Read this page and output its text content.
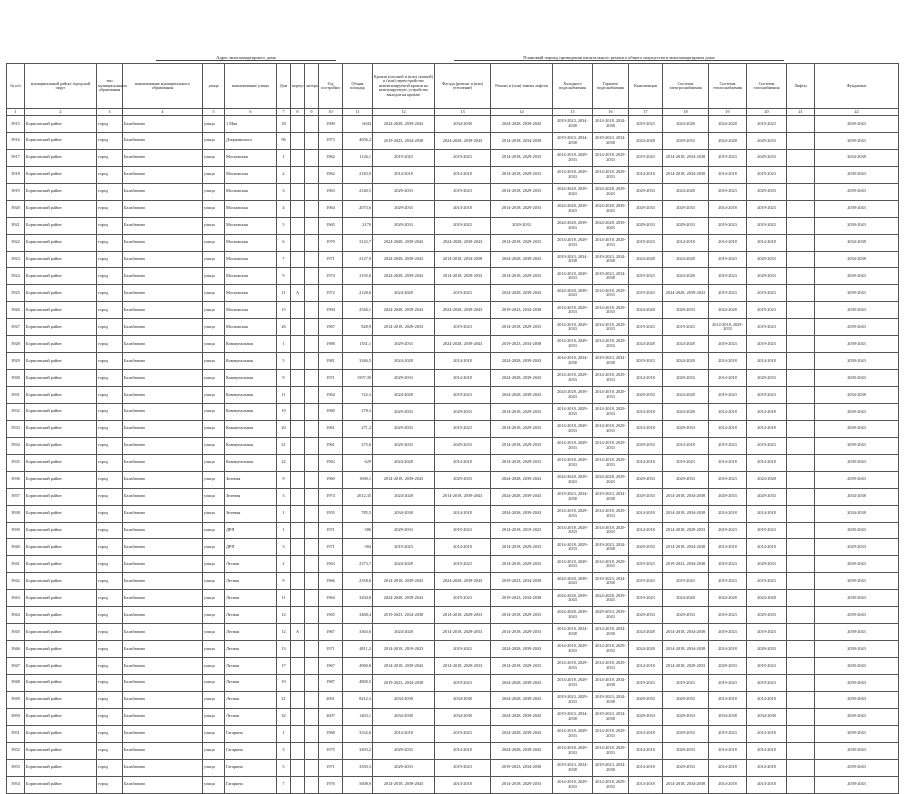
Адрес многоквартирного дома	Плановый период проведения капитального ремонта общего имущества в многоквартирном доме
№ п/п	муниципальный район/ городской округ	тип муниципального образования	наименование муниципального образования	улица	наименование улицы	Дом	корпус	литера	Год постройки	Общая площадь	Кровли (плоской и (или) скатной) и (или) переустройство невентилируемой кровли на вентилируемую, устройство выходов на кровлю	Фасада (ремонт и (или) утепление)	Ремонт и (или) замена лифтов	Холодного водоснабжения	Горячего водоснабжения	Канализации	Системы электроснабжения	Системы теплоснабжения	Системы газоснабжения	Лифты	Фундамент
1	2	3	4	5	6	7	8	9	10	11	12	13	14	15	16	17	18	19	20	21	22
3915	Борисовский район	город	Балабаново	улица	1 Мая	18			1990	6043	2024-2028, 2039-2043	2034-2038	2024-2028, 2039-2043	2019-2023, 2034-2038	2014-2018, 2034-2038	2019-2023	2024-2028	2024-2028	2019-2023		2039-2043
3916	Борисовский район	город	Балабаново	улица	Дзержинского	96			1973	4656,2	2019-2023, 2034-2038	2024-2028, 2039-2043	2014-2018, 2034-2038	2019-2023, 2034-2038	2019-2023, 2034-2038	2024-2028	2029-2033	2024-2028	2029-2033		2039-2043
3917	Борисовский район	город	Балабаново	улица	Московская	1			1962	1126,1	2019-2023	2019-2023	2014-2018, 2029-2033	2014-2018, 2029-2033	2014-2018, 2029-2033	2019-2023	2014-2018, 2034-2038	2019-2023	2029-2033		2034-2038
3918	Борисовский район	город	Балабаново	улица	Московская	2			1962	2183,9	2014-2018	2014-2018	2014-2018, 2029-2033	2014-2018, 2029-2033	2014-2018, 2029-2033	2014-2018	2014-2018, 2034-2038	2014-2018	2019-2023		2039-2043
3919	Борисовский район	город	Балабаново	улица	Московская	3			1963	2140,5	2029-2033	2019-2023	2014-2018, 2029-2033	2024-2028, 2039-2043	2024-2028, 2039-2043	2029-2033	2024-2028	2019-2023	2029-2033		2039-2043
3920	Борисовский район	город	Балабаново	улица	Московская	4			1964	2073,6	2029-2033	2014-2018	2014-2018, 2029-2033	2024-2028, 2039-2043	2024-2028, 2039-2043	2029-2033	2029-2033	2014-2018	2019-2023		2039-2043
3921	Борисовский район	город	Балабаново	улица	Московская	5			1965	2170	2029-2033	2019-2023	2029-2033	2024-2028, 2039-2043	2024-2028, 2039-2043	2029-2033	2029-2033	2019-2023	2019-2023		2039-2043
3922	Борисовский район	город	Балабаново	улица	Московская	6			1970	3122,7	2024-2028, 2039-2043	2024-2028, 2039-2043	2014-2018, 2029-2033	2014-2018, 2029-2033	2014-2018, 2029-2033	2019-2023	2014-2018	2014-2018	2014-2018		2034-2038
3923	Борисовский район	город	Балабаново	улица	Московская	7			1971	2127,9	2024-2028, 2039-2043	2014-2018, 2034-2038	2024-2028, 2039-2043	2019-2023, 2034-2038	2019-2023, 2034-2038	2024-2028	2024-2028	2019-2023	2029-2033		2034-2038
3924	Борисовский район	город	Балабаново	улица	Московская	9			1974	3195,6	2024-2028, 2039-2043	2014-2018, 2029-2033	2014-2018, 2029-2033	2014-2018, 2029-2033	2019-2023, 2034-2038	2019-2023	2024-2028	2019-2023	2029-2033		2039-2043
3925	Борисовский район	город	Балабаново	улица	Московская	11	А		1972	2128,6	2024-2028	2019-2023	2024-2028, 2039-2043	2024-2028, 2039-2043	2014-2018, 2029-2033	2019-2023	2024-2028, 2039-2043	2019-2023	2019-2023		2039-2043
3926	Борисовский район	город	Балабаново	улица	Московская	13			1994	2546,1	2024-2028, 2039-2043	2024-2028, 2039-2043	2019-2023, 2034-2038	2014-2018, 2029-2033	2014-2018, 2029-2033	2024-2028	2029-2033	2024-2028	2019-2023		2039-2043
3927	Борисовский район	город	Балабаново	улица	Московская	26			1967	828,9	2014-2018, 2029-2033	2019-2023	2014-2018, 2029-2033	2014-2018, 2029-2033	2014-2018, 2029-2033	2019-2023	2019-2023	2014-2018, 2029-2033	2019-2023		2039-2043
3928	Борисовский район	город	Балабаново	улица	Коммунальная	1			1988	1351,1	2029-2033	2024-2028, 2039-2043	2019-2023, 2034-2038	2014-2018, 2029-2033	2014-2018, 2029-2033	2024-2028	2024-2028	2019-2023	2019-2023		2039-2043
3929	Борисовский район	город	Балабаново	улица	Коммунальная	5			1981	3346,5	2024-2028	2014-2018	2024-2028, 2039-2043	2014-2018, 2034-2038	2019-2023, 2034-2038	2019-2023	2024-2028	2014-2018	2014-2018		2039-2043
3930	Борисовский район	город	Балабаново	улица	Коммунальная	9			1971	1597,39	2029-2033	2014-2018	2024-2028, 2039-2043	2014-2018, 2029-2033	2014-2018, 2029-2033	2014-2018	2029-2033	2014-2018	2029-2033		2039-2043
3931	Борисовский район	город	Балабаново	улица	Коммунальная	11			1964	722,3	2024-2028	2019-2023	2024-2028, 2039-2043	2024-2028, 2039-2043	2014-2018, 2029-2033	2029-2033	2024-2028	2019-2023	2019-2023		2034-2038
3932	Борисовский район	город	Балабаново	улица	Коммунальная	19			1960	278,3	2029-2033	2029-2033	2014-2018, 2029-2033	2014-2018, 2029-2033	2014-2018, 2029-2033	2014-2018	2024-2028	2014-2018	2014-2018		2039-2043
3933	Борисовский район	город	Балабаново	улица	Коммунальная	20			1961	271,2	2029-2033	2019-2023	2014-2018, 2029-2033	2014-2018, 2029-2033	2014-2018, 2029-2033	2014-2018	2029-2033	2014-2018	2014-2018		2039-2043
3934	Борисовский район	город	Балабаново	улица	Коммунальная	21			1961	275,6	2029-2033	2029-2033	2014-2018, 2029-2033	2014-2018, 2029-2033	2014-2018, 2029-2033	2029-2033	2014-2018	2019-2023	2019-2023		2039-2043
3935	Борисовский район	город	Балабаново	улица	Коммунальная	22			1963	629	2024-2028	2014-2018	2014-2018, 2029-2033	2014-2018, 2029-2033	2014-2018, 2029-2033	2014-2018	2019-2023	2014-2018	2014-2018		2039-2043
3936	Борисовский район	город	Балабаново	улица	Зеленая	9			1960	1690,1	2014-2018, 2039-2043	2029-2033	2024-2028, 2039-2043	2024-2028, 2039-2043	2024-2028, 2039-2043	2029-2033	2029-2033	2019-2023	2024-2028		2039-2043
3937	Борисовский район	город	Балабаново	улица	Зеленая	3			1974	2012,35	2024-2028	2014-2018, 2039-2043	2024-2028, 2039-2043	2019-2023, 2034-2038	2019-2023, 2034-2038	2029-2033	2014-2018, 2034-2038	2029-2033	2029-2033		2034-2038
3938	Борисовский район	город	Балабаново	улица	Зеленая	1			1955	785,5	2034-2038	2014-2018	2034-2038, 2039-2043	2014-2018, 2029-2033	2014-2018, 2029-2033	2014-2018	2014-2018, 2034-2038	2014-2018	2014-2018		2034-2038
3939	Борисовский район	город	Балабаново	улица	ДРП	1			1971	586	2029-2033	2019-2023	2014-2018, 2019-2023	2014-2018, 2029-2033	2014-2018, 2029-2033	2014-2018	2014-2018, 2029-2033	2019-2023	2019-2023		2039-2043
3940	Борисовский район	город	Балабаново	улица	ДРП	3			1971	584	2019-2023	2014-2018	2014-2018, 2029-2033	2014-2018, 2029-2033	2019-2023, 2034-2038	2029-2033	2014-2018, 2034-2038	2014-2018	2014-2018		2029-2033
3941	Борисовский район	город	Балабаново	улица	Лесная	2			1963	2373,7	2024-2028	2019-2023	2014-2018, 2029-2033	2014-2018, 2029-2033	2014-2018, 2029-2033	2019-2023	2019-2023, 2034-2038	2019-2023	2029-2033		2039-2043
3942	Борисовский район	город	Балабаново	улица	Лесная	9			1966	2358,6	2014-2018, 2039-2043	2024-2028, 2039-2043	2019-2023, 2034-2038	2024-2028, 2039-2043	2019-2023, 2034-2038	2019-2023	2019-2023	2019-2023	2019-2023		2039-2043
3943	Борисовский район	город	Балабаново	улица	Лесная	11			1964	3204,8	2024-2028, 2039-2043	2019-2023	2019-2023, 2034-2038	2024-2028, 2039-2043	2024-2028, 2039-2043	2019-2023	2024-2028	2024-2028	2024-2028		2039-2043
3944	Борисовский район	город	Балабаново	улица	Лесная	12			1965	3468,4	2019-2023, 2034-2038	2014-2018, 2029-2033	2014-2018, 2029-2033	2024-2028, 2039-2043	2029-2033, 2039-2043	2029-2033	2029-2033	2019-2023	2029-2033		2039-2043
3945	Борисовский район	город	Балабаново	улица	Лесная	12	А		1967	3363,6	2024-2028	2014-2018, 2029-2033	2014-2018, 2029-2033	2014-2018, 2034-2038	2014-2018, 2034-2038	2024-2028	2014-2018, 2034-2038	2019-2023	2019-2023		2039-2043
3946	Борисовский район	город	Балабаново	улица	Лесная	13			1971	4811,2	2014-2018, 2019-2023	2019-2023	2024-2028, 2039-2043	2014-2018, 2029-2033	2014-2018, 2029-2033	2024-2028	2014-2018, 2034-2038	2014-2018	2029-2033		2039-2043
3947	Борисовский район	город	Балабаново	улица	Лесная	17			1967	4960,6	2014-2018, 2039-2043	2014-2018, 2029-2033	2014-2018, 2029-2033	2014-2018, 2029-2033	2014-2018, 2029-2033	2014-2018	2014-2018, 2029-2033	2029-2033	2019-2023		2039-2043
3948	Борисовский район	город	Балабаново	улица	Лесная	19			1987	4800,5	2019-2023, 2034-2038	2019-2023	2024-2028, 2039-2043	2014-2018, 2029-2033	2014-2018, 2034-2038	2019-2023	2019-2023	2019-2023	2019-2023		2039-2043
3949	Борисовский район	город	Балабаново	улица	Лесная	21			2001	8212,3	2034-2038	2034-2038	2024-2028, 2039-2043	2019-2023, 2029-2033	2019-2023, 2034-2038	2029-2033	2029-2033	2014-2018	2014-2018		2039-2043
3950	Борисовский район	город	Балабаново	улица	Лесная	32			2007	1403,1	2034-2038	2034-2038	2024-2028, 2039-2043	2019-2023, 2034-2038	2019-2023, 2034-2038	2029-2033	2029-2033	2034-2038	2034-2038		2039-2043
3951	Борисовский район	город	Балабаново	улица	Гагарина	1			1968	3332,6	2014-2018	2019-2023	2024-2028, 2039-2043	2014-2018, 2029-2033	2014-2018, 2029-2033	2014-2018	2029-2033	2019-2023	2014-2018		2039-2043
3952	Борисовский район	город	Балабаново	улица	Гагарина	3			1975	3493,2	2029-2033	2014-2018	2024-2028, 2039-2043	2014-2018, 2029-2033	2014-2018, 2029-2033	2014-2018	2029-2033	2014-2018	2014-2018		2039-2043
3953	Борисовский район	город	Балабаново	улица	Гагарина	5			1971	3350,3	2029-2033	2019-2023	2019-2023, 2034-2038	2019-2023, 2034-2038	2019-2023, 2034-2038	2014-2018	2029-2033	2014-2018	2014-2018		2039-2043
3954	Борисовский район	город	Балабаново	улица	Гагарина	7			1976	5608,9	2014-2018, 2039-2043	2014-2018	2014-2018, 2029-2033	2014-2018, 2029-2033	2014-2018, 2029-2033	2014-2018	2014-2018, 2034-2038	2014-2018	2014-2018		2039-2043
